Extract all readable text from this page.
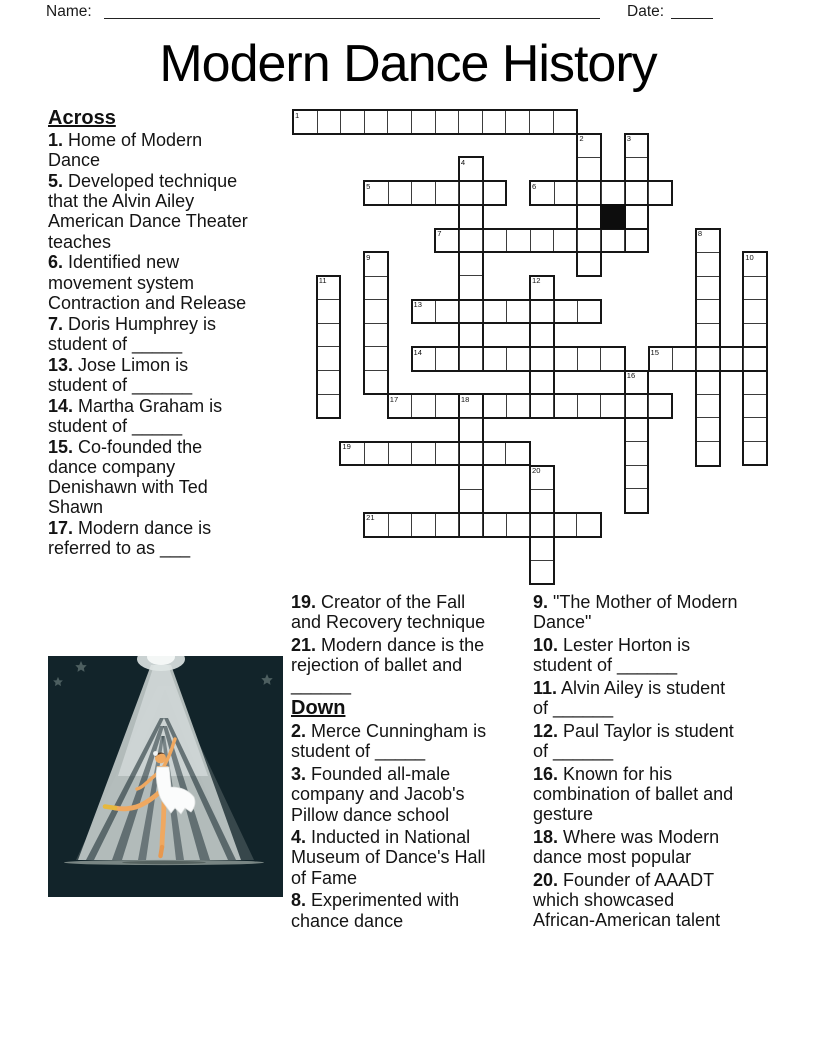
Name:	Date:
Modern Dance History
Across

1. Home of Modern Dance

5. Developed technique that the Alvin Ailey American Dance Theater teaches

6. Identified new movement system Contraction and Release

7. Doris Humphrey is student of _____

13. Jose Limon is student of ______

14. Martha Graham is student of _____

15. Co-founded the dance company Denishawn with Ted Shawn

17. Modern dance is referred to as ___

19. Creator of the Fall and Recovery technique

21. Modern dance is the rejection of ballet and ______

Down

2. Merce Cunningham is student of _____

3. Founded all-male company and Jacob's Pillow dance school

4. Inducted in National Museum of Dance's Hall of Fame

8. Experimented with chance dance

9. "The Mother of Modern Dance"

10. Lester Horton is student of ______

11. Alvin Ailey is student of ______

12. Paul Taylor is student of ______

16. Known for his combination of ballet and gesture

18. Where was Modern dance most popular

20. Founder of AAADT which showcased African-American talent

1
2	3
4
5	6
7	8
9	10
11	12
13
14	15
16
17	18
19
20
21
